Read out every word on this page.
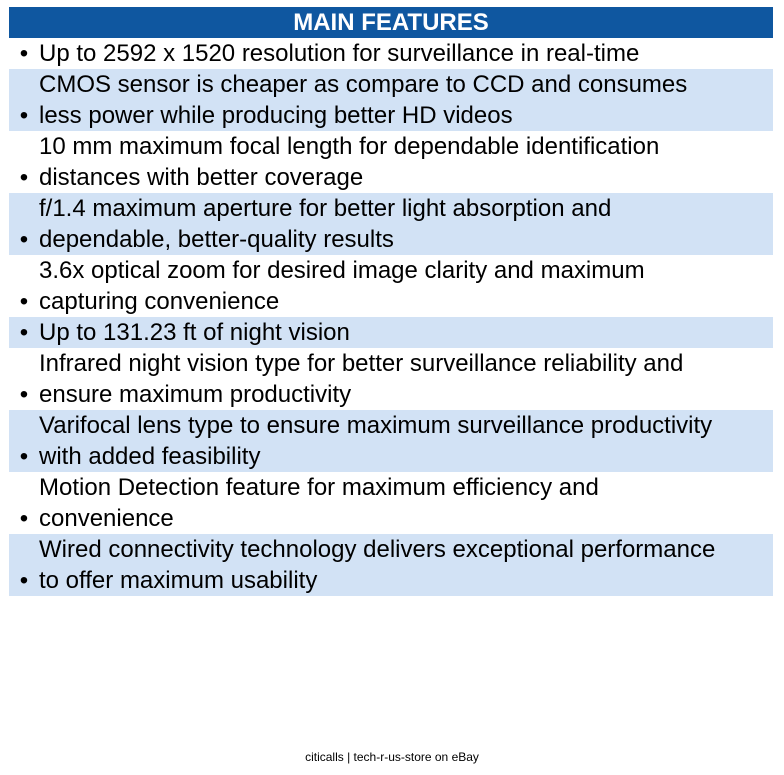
MAIN FEATURES
• Up to 2592 x 1520 resolution for surveillance in real-time
•
CMOS sensor is cheaper as compare to CCD and consumes
less power while producing better HD videos
•
10 mm maximum focal length for dependable identification
distances with better coverage
•
f/1.4 maximum aperture for better light absorption and
dependable, better-quality results
•
3.6x optical zoom for desired image clarity and maximum
capturing convenience
• Up to 131.23 ft of night vision
•
Infrared night vision type for better surveillance reliability and
ensure maximum productivity
•
Varifocal lens type to ensure maximum surveillance productivity
with added feasibility
•
Motion Detection feature for maximum efficiency and
convenience
•
Wired connectivity technology delivers exceptional performance
to offer maximum usability
citicalls | tech-r-us-store on eBay
